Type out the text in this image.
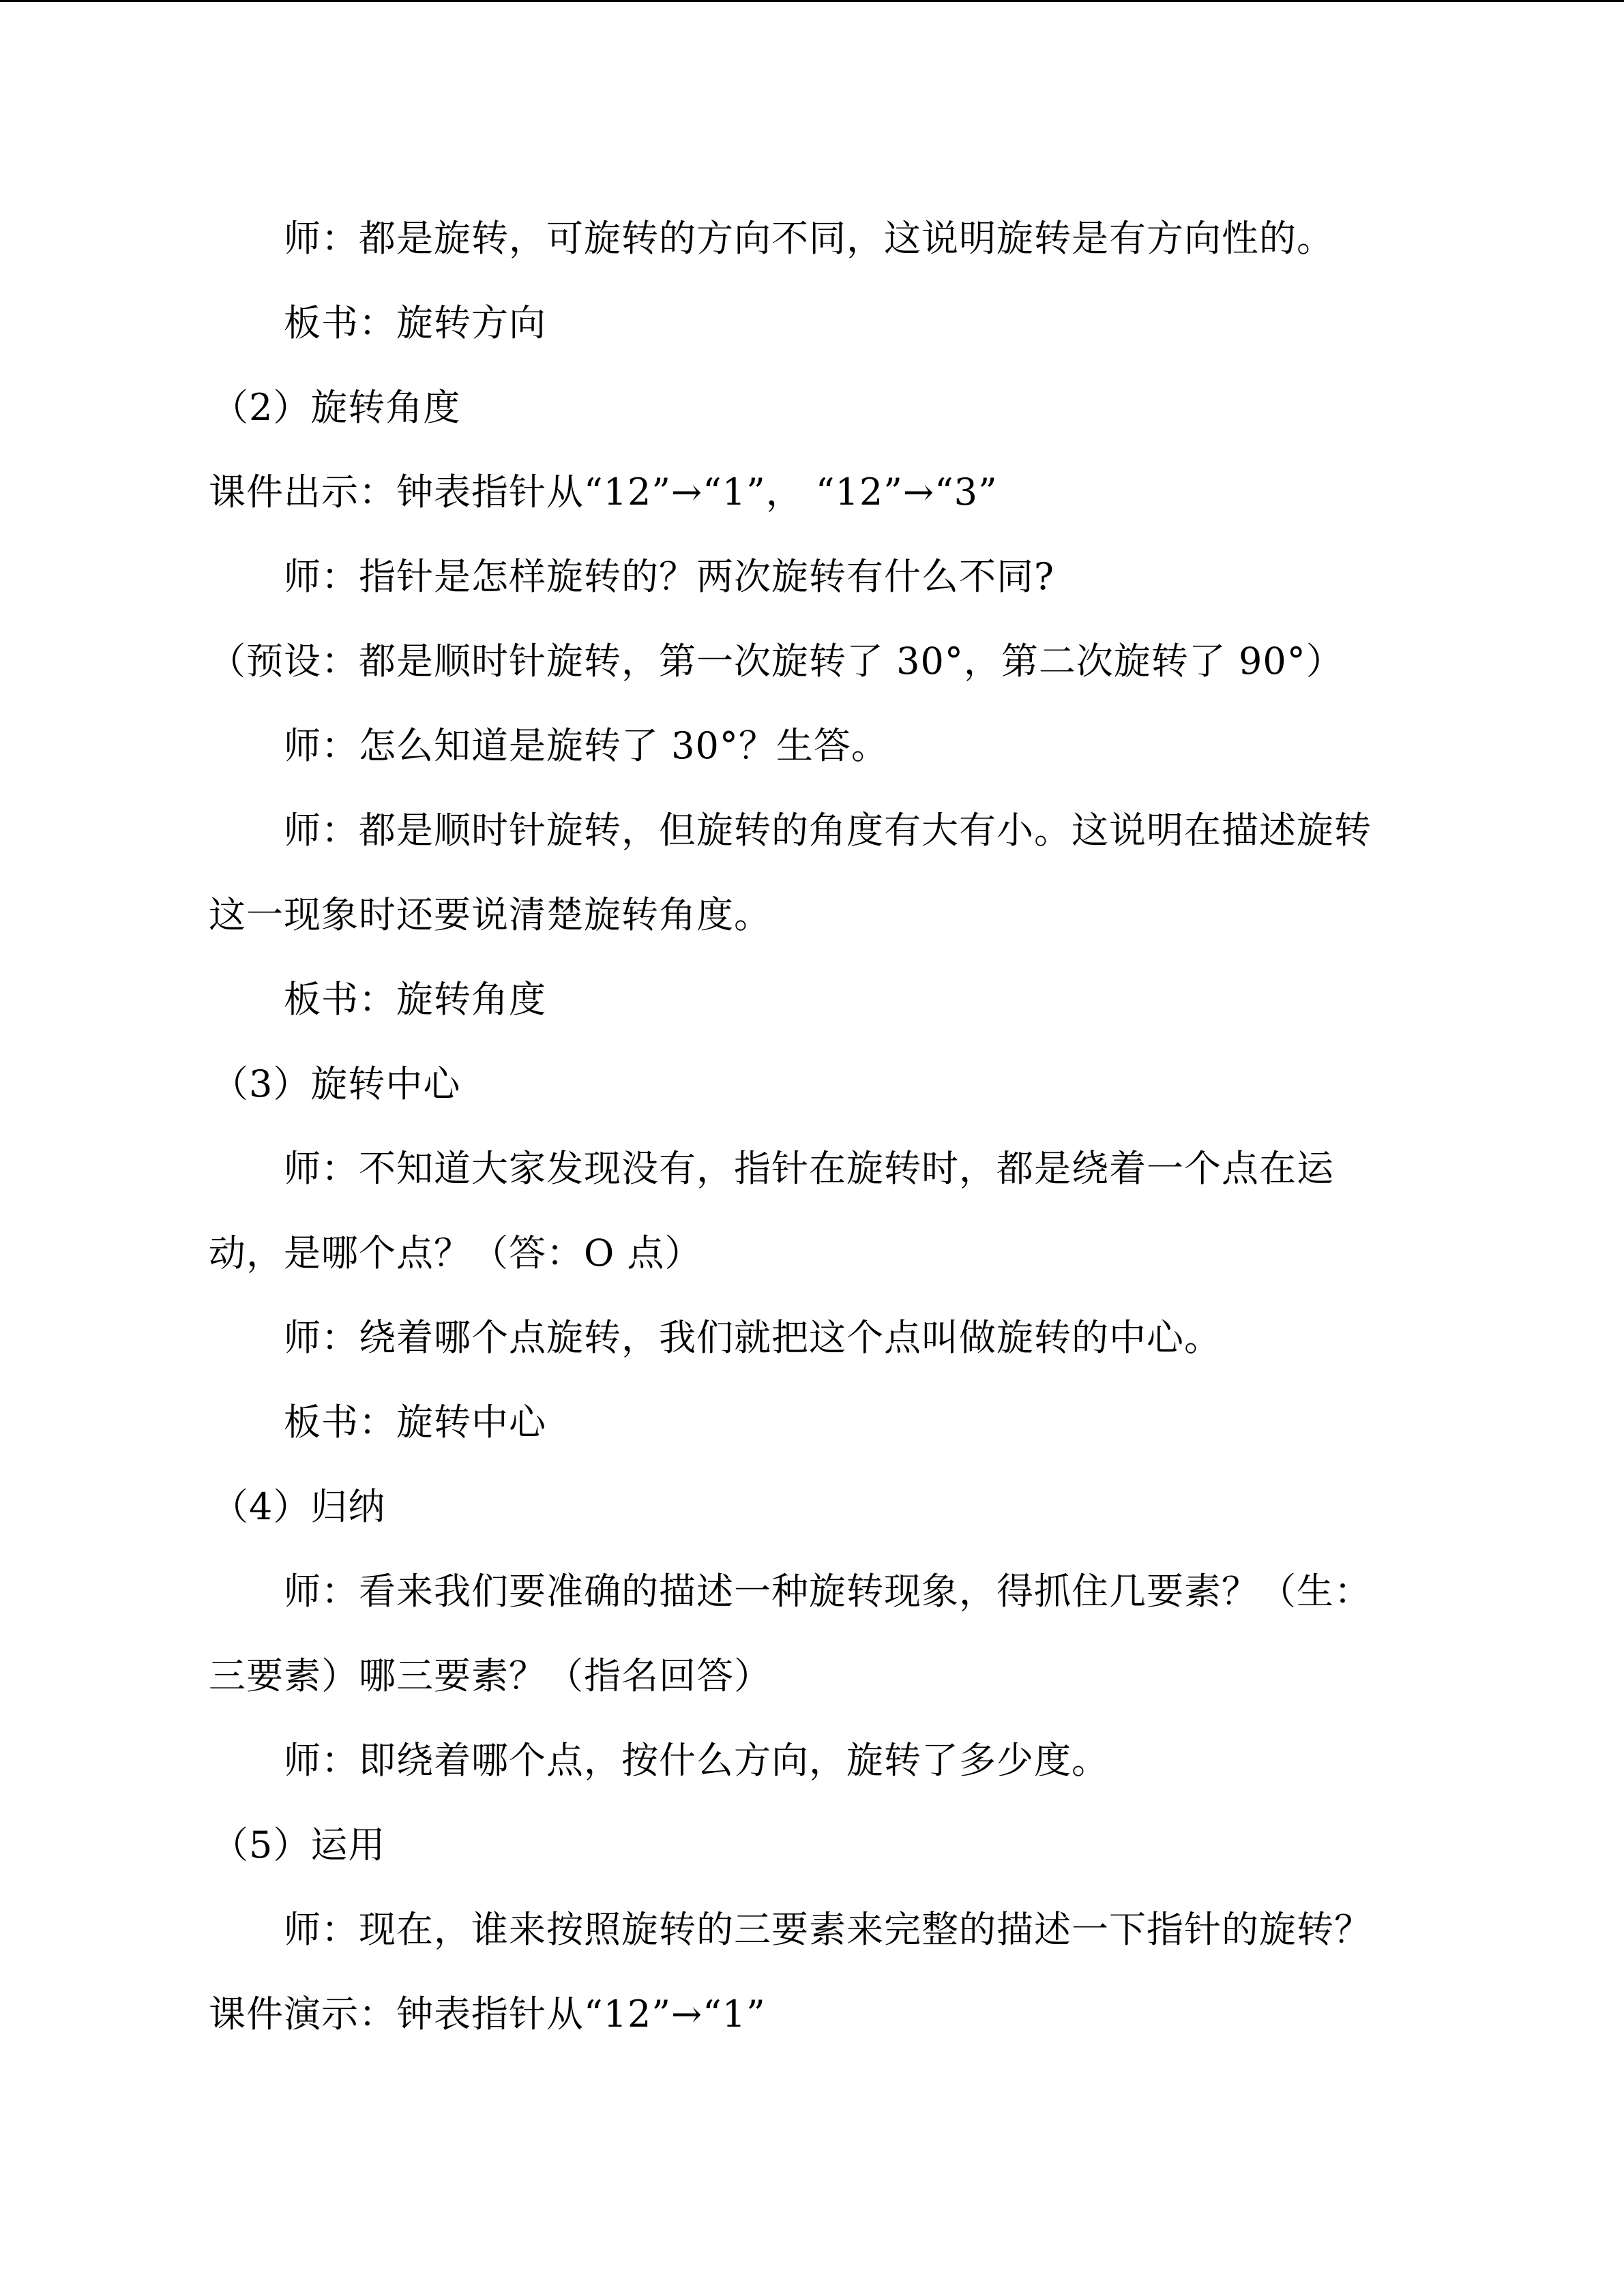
师：都是旋转，可旋转的方向不同，这说明旋转是有方向性的。
板书：旋转方向
（2）旋转角度
课件出示：钟表指针从“12”→“1”， “12”→“3”
师：指针是怎样旋转的？两次旋转有什么不同?
（预设：都是顺时针旋转，第一次旋转了 30°，第二次旋转了 90°）
师：怎么知道是旋转了 30°？生答。
师：都是顺时针旋转，但旋转的角度有大有小。这说明在描述旋转
这一现象时还要说清楚旋转角度。
板书：旋转角度
（3）旋转中心
师：不知道大家发现没有，指针在旋转时，都是绕着一个点在运
动，是哪个点？（答：O 点）
师：绕着哪个点旋转，我们就把这个点叫做旋转的中心。
板书：旋转中心
（4）归纳
师：看来我们要准确的描述一种旋转现象，得抓住几要素？（生：
三要素）哪三要素？（指名回答）
师：即绕着哪个点，按什么方向，旋转了多少度。
（5）运用
师：现在，谁来按照旋转的三要素来完整的描述一下指针的旋转？
课件演示：钟表指针从“12”→“1”
